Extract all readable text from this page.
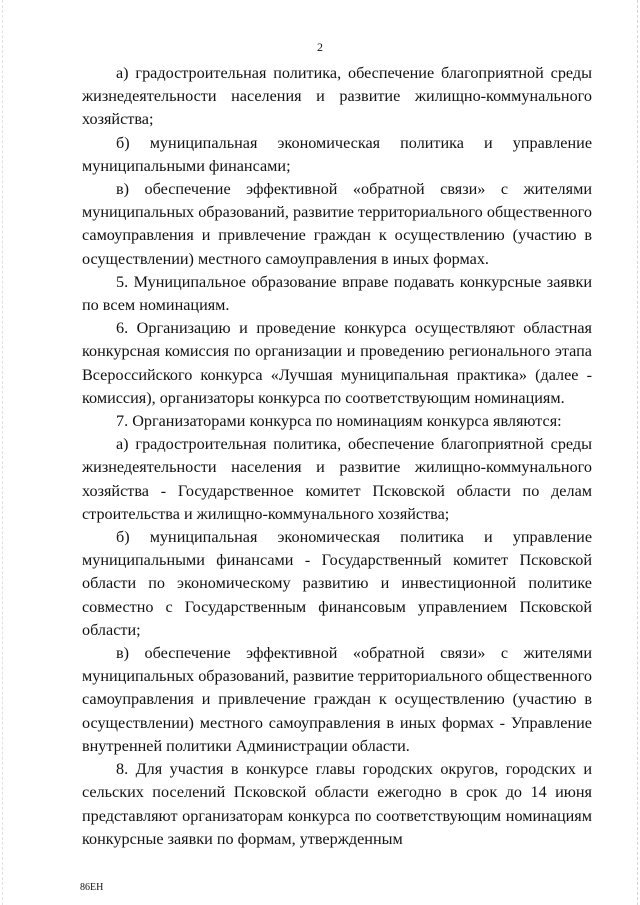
2

а) градостроительная политика, обеспечение благоприятной среды жизнедеятельности населения и развитие жилищно-коммунального хозяйства;

б) муниципальная экономическая политика и управление муниципальными финансами;

в) обеспечение эффективной «обратной связи» с жителями муниципальных образований, развитие территориального общественного самоуправления и привлечение граждан к осуществлению (участию в осуществлении) местного самоуправления в иных формах.

5. Муниципальное образование вправе подавать конкурсные заявки по всем номинациям.

6. Организацию и проведение конкурса осуществляют областная конкурсная комиссия по организации и проведению регионального этапа Всероссийского конкурса «Лучшая муниципальная практика» (далее - комиссия), организаторы конкурса по соответствующим номинациям.

7. Организаторами конкурса по номинациям конкурса являются:

а) градостроительная политика, обеспечение благоприятной среды жизнедеятельности населения и развитие жилищно-коммунального хозяйства - Государственное комитет Псковской области по делам строительства и жилищно-коммунального хозяйства;

б) муниципальная экономическая политика и управление муниципальными финансами - Государственный комитет Псковской области по экономическому развитию и инвестиционной политике совместно с Государственным финансовым управлением Псковской области;

в) обеспечение эффективной «обратной связи» с жителями муниципальных образований, развитие территориального общественного самоуправления и привлечение граждан к осуществлению (участию в осуществлении) местного самоуправления в иных формах - Управление внутренней политики Администрации области.

8. Для участия в конкурсе главы городских округов, городских и сельских поселений Псковской области ежегодно в срок до 14 июня представляют организаторам конкурса по соответствующим номинациям конкурсные заявки по формам, утвержденным

86ЕН
